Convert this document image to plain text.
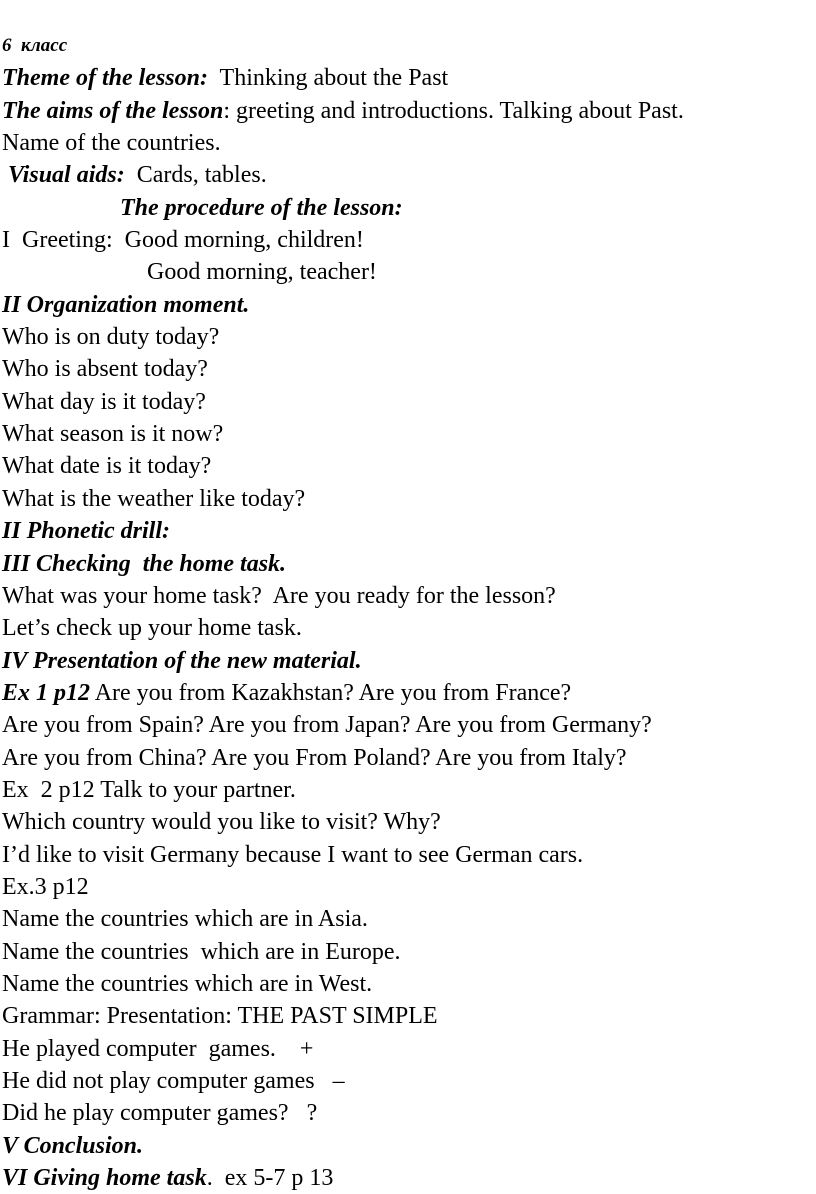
6  класс
Theme of the lesson:  Thinking about the Past
The aims of the lesson: greeting and introductions. Talking about Past.
Name of the countries.
Visual aids:  Cards, tables.
The procedure of the lesson:
I  Greeting:  Good morning, children!
Good morning, teacher!
II Organization moment.
Who is on duty today?
Who is absent today?
What day is it today?
What season is it now?
What date is it today?
What is the weather like today?
II Phonetic drill:
III Checking  the home task.
What was your home task?  Are you ready for the lesson?
Let’s check up your home task.
IV Presentation of the new material.
Ex 1 p12 Are you from Kazakhstan? Are you from France?
Are you from Spain? Are you from Japan? Are you from Germany?
Are you from China? Are you From Poland? Are you from Italy?
Ex  2 p12 Talk to your partner.
Which country would you like to visit? Why?
I’d like to visit Germany because I want to see German cars.
Ex.3 p12
Name the countries which are in Asia.
Name the countries  which are in Europe.
Name the countries which are in West.
Grammar: Presentation: THE PAST SIMPLE
He played computer  games.    +
He did not play computer games   –
Did he play computer games?   ?
V Conclusion.
VI Giving home task.  ex 5-7 p 13
